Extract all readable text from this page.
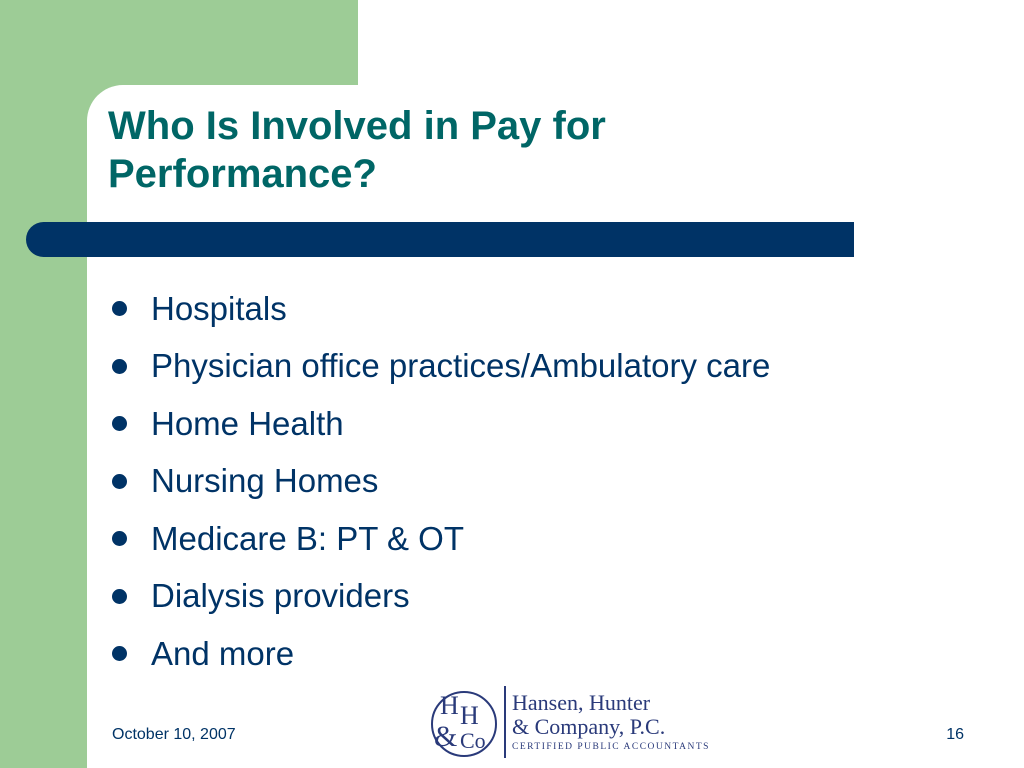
Who Is Involved in Pay for Performance?
Hospitals
Physician office practices/Ambulatory care
Home Health
Nursing Homes
Medicare B: PT & OT
Dialysis providers
And more
H H
& Co
Hansen, Hunter
& Company, P.C.
CERTIFIED PUBLIC ACCOUNTANTS
October 10, 2007	16
